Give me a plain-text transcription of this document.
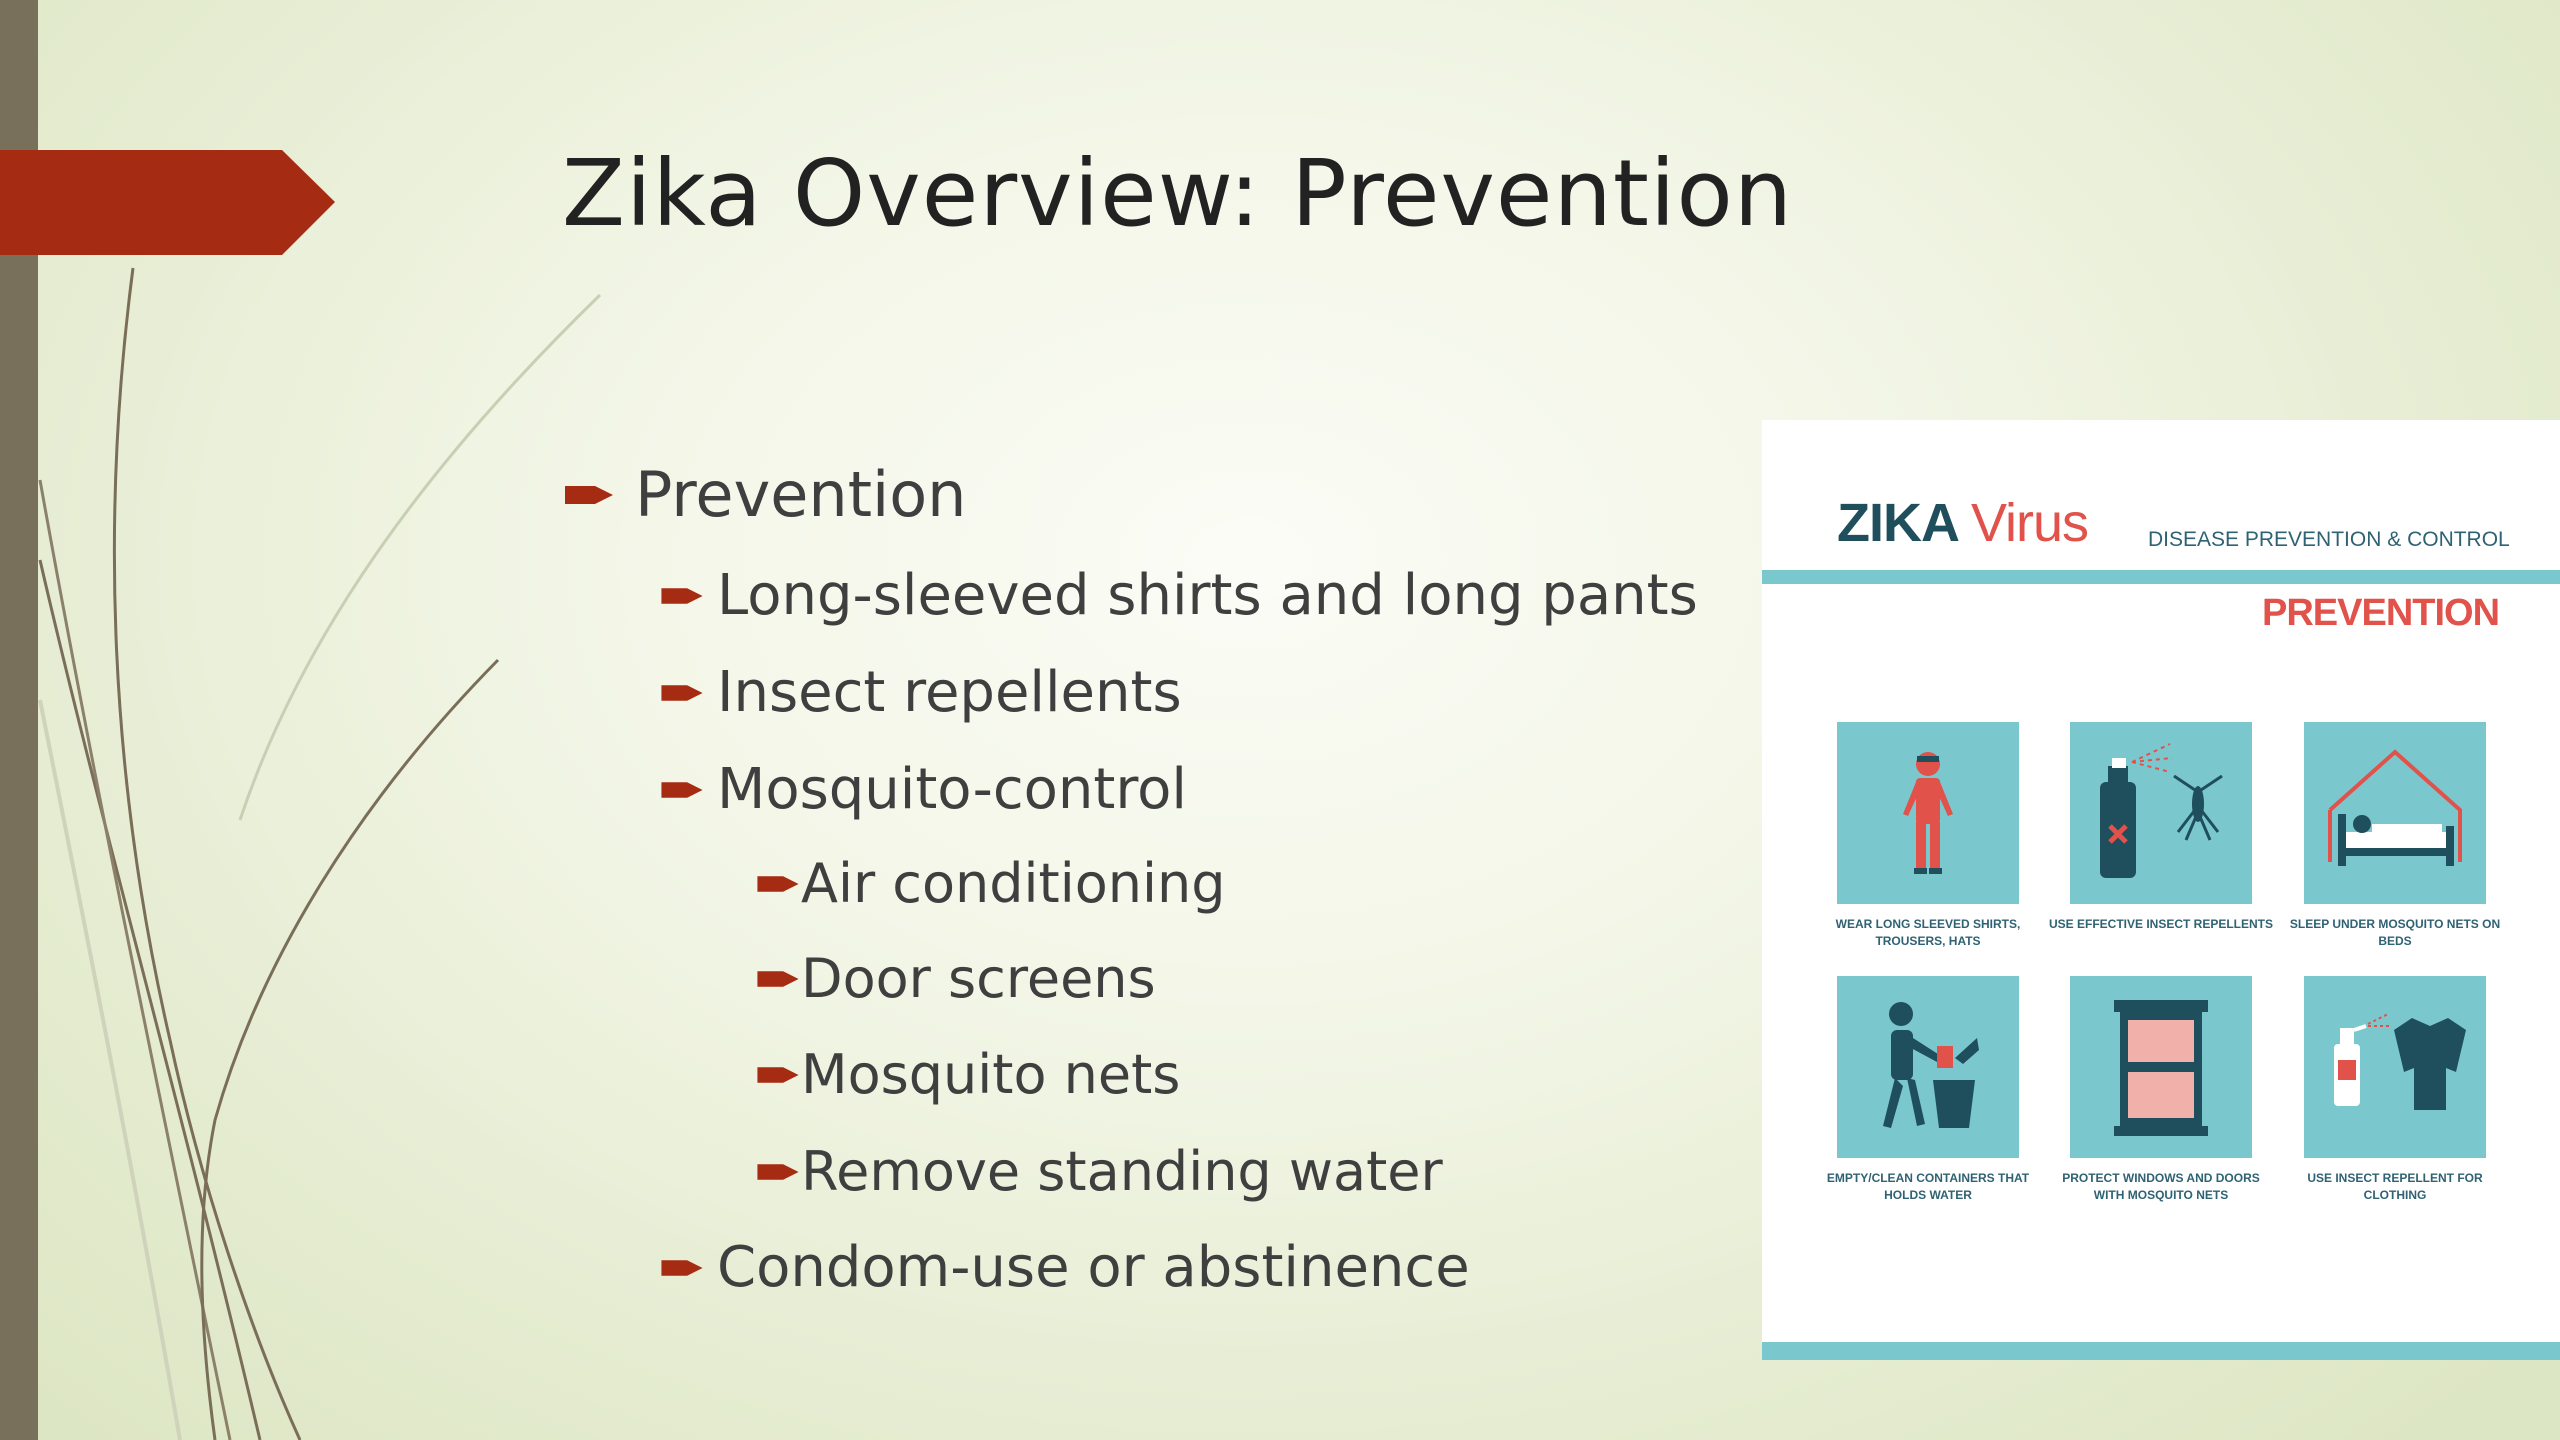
Zika Overview: Prevention
Prevention
Long-sleeved shirts and long pants
Insect repellents
Mosquito-control
Air conditioning
Door screens
Mosquito nets
Remove standing water
Condom-use or abstinence
ZIKA Virus	DISEASE PREVENTION & CONTROL
PREVENTION
WEAR LONG SLEEVED SHIRTS, TROUSERS, HATS
USE EFFECTIVE INSECT REPELLENTS	SLEEP UNDER MOSQUITO NETS ON BEDS
EMPTY/CLEAN CONTAINERS THAT HOLDS WATER
PROTECT WINDOWS AND DOORS WITH MOSQUITO NETS
USE INSECT REPELLENT FOR CLOTHING
